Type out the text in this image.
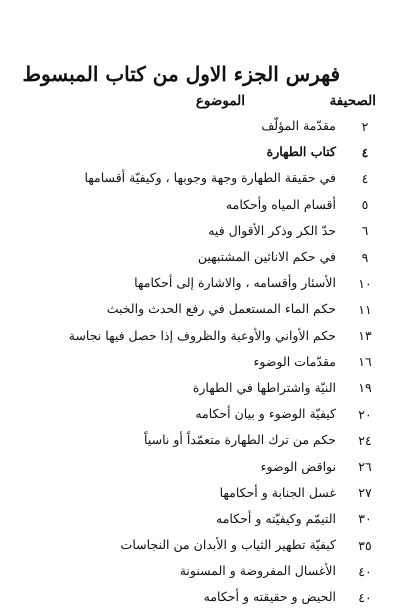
فهرس الجزء الاول من كتاب المبسوط
الصحيفة
الموضوع
٢
مقدّمة المؤلّف
٤
كتاب الطهارة
٤
في حقيقة الطهارة وجهة وجوبها ، وكيفيّة أقسامها
٥
أقسام المياه وأحكامه
٦
حدّ الكر وذكر الأقوال فيه
٩
في حكم الاناثين المشتبهين
١٠
الأسئار وأقسامه ، والاشارة إلى أحكامها
١١
حكم الماء المستعمل في رفع الحدث والخبث
١٣
حكم الأواني والأوعية والظروف إذا حصل فيها نجاسة
١٦
مقدّمات الوضوء
١٩
النيّة واشتراطها في الطهارة
٢٠
كيفيّة الوضوء و بيان أحكامه
٢٤
حكم من ترك الطهارة متعمّداً أو ناسياً
٢٦
نواقض الوضوء
٢٧
غسل الجنابة و أحكامها
٣٠
التيمّم وكيفيّته و أحكامه
٣٥
كيفيّة تطهير الثياب و الأبدان من النجاسات
٤٠
الأغسال المفروضة و المسنونة
٤٠
الحيض و حقيقته و أحكامه
